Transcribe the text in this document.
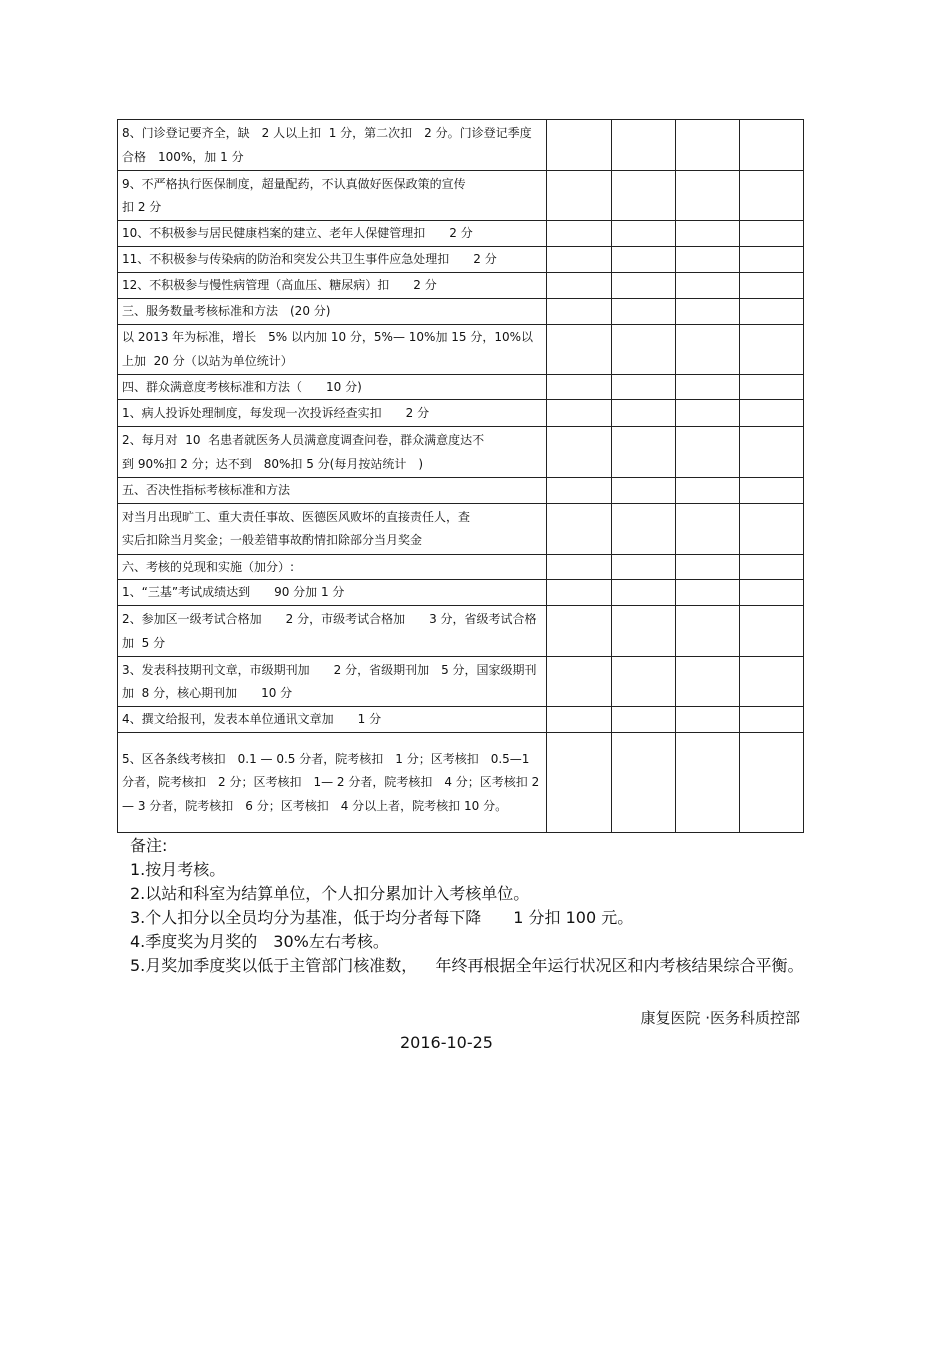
8、门诊登记要齐全，缺　2 人以上扣  1 分，第二次扣　2 分。门诊登记季度合格　100%，加 1 分				
9、不严格执行医保制度，超量配药，不认真做好医保政策的宣传
扣 2 分				
10、不积极参与居民健康档案的建立、老年人保健管理扣　　2 分				
11、不积极参与传染病的防治和突发公共卫生事件应急处理扣　　2 分				
12、不积极参与慢性病管理（高血压、糖尿病）扣　　2 分				
三、服务数量考核标准和方法　(20 分)				
以 2013 年为标准，增长　5% 以内加 10 分，5%— 10%加 15 分，10%以上加  20 分（以站为单位统计）				
四、群众满意度考核标准和方法（　　10 分)				
1、病人投诉处理制度，每发现一次投诉经查实扣　　2 分				
2、每月对  10  名患者就医务人员满意度调查问卷，群众满意度达不
到 90%扣 2 分；达不到　80%扣 5 分(每月按站统计　)				
五、否决性指标考核标准和方法				
对当月出现旷工、重大责任事故、医德医风败坏的直接责任人，查
实后扣除当月奖金；一般差错事故酌情扣除部分当月奖金				
六、考核的兑现和实施（加分）:				
1、“三基”考试成绩达到　　90 分加 1 分				
2、参加区一级考试合格加　　2 分，市级考试合格加　　3 分，省级考试合格加  5 分				
3、发表科技期刊文章，市级期刊加　　2 分，省级期刊加　5 分，国家级期刊加  8 分，核心期刊加　　10 分				
4、撰文给报刊，发表本单位通讯文章加　　1 分				
5、区各条线考核扣　0.1 — 0.5 分者，院考核扣　1 分；区考核扣　0.5—1 分者，院考核扣　2 分；区考核扣　1— 2 分者，院考核扣　4 分；区考核扣 2— 3 分者，院考核扣　6 分；区考核扣　4 分以上者，院考核扣 10 分。				
备注:
1.按月考核。
2.以站和科室为结算单位，个人扣分累加计入考核单位。
3.个人扣分以全员均分为基准，低于均分者每下降　　1 分扣 100 元。
4.季度奖为月奖的　30%左右考核。
5.月奖加季度奖以低于主管部门核准数，　  年终再根据全年运行状况区和内考核结果综合平衡。
康复医院 ·医务科质控部
2016-10-25
